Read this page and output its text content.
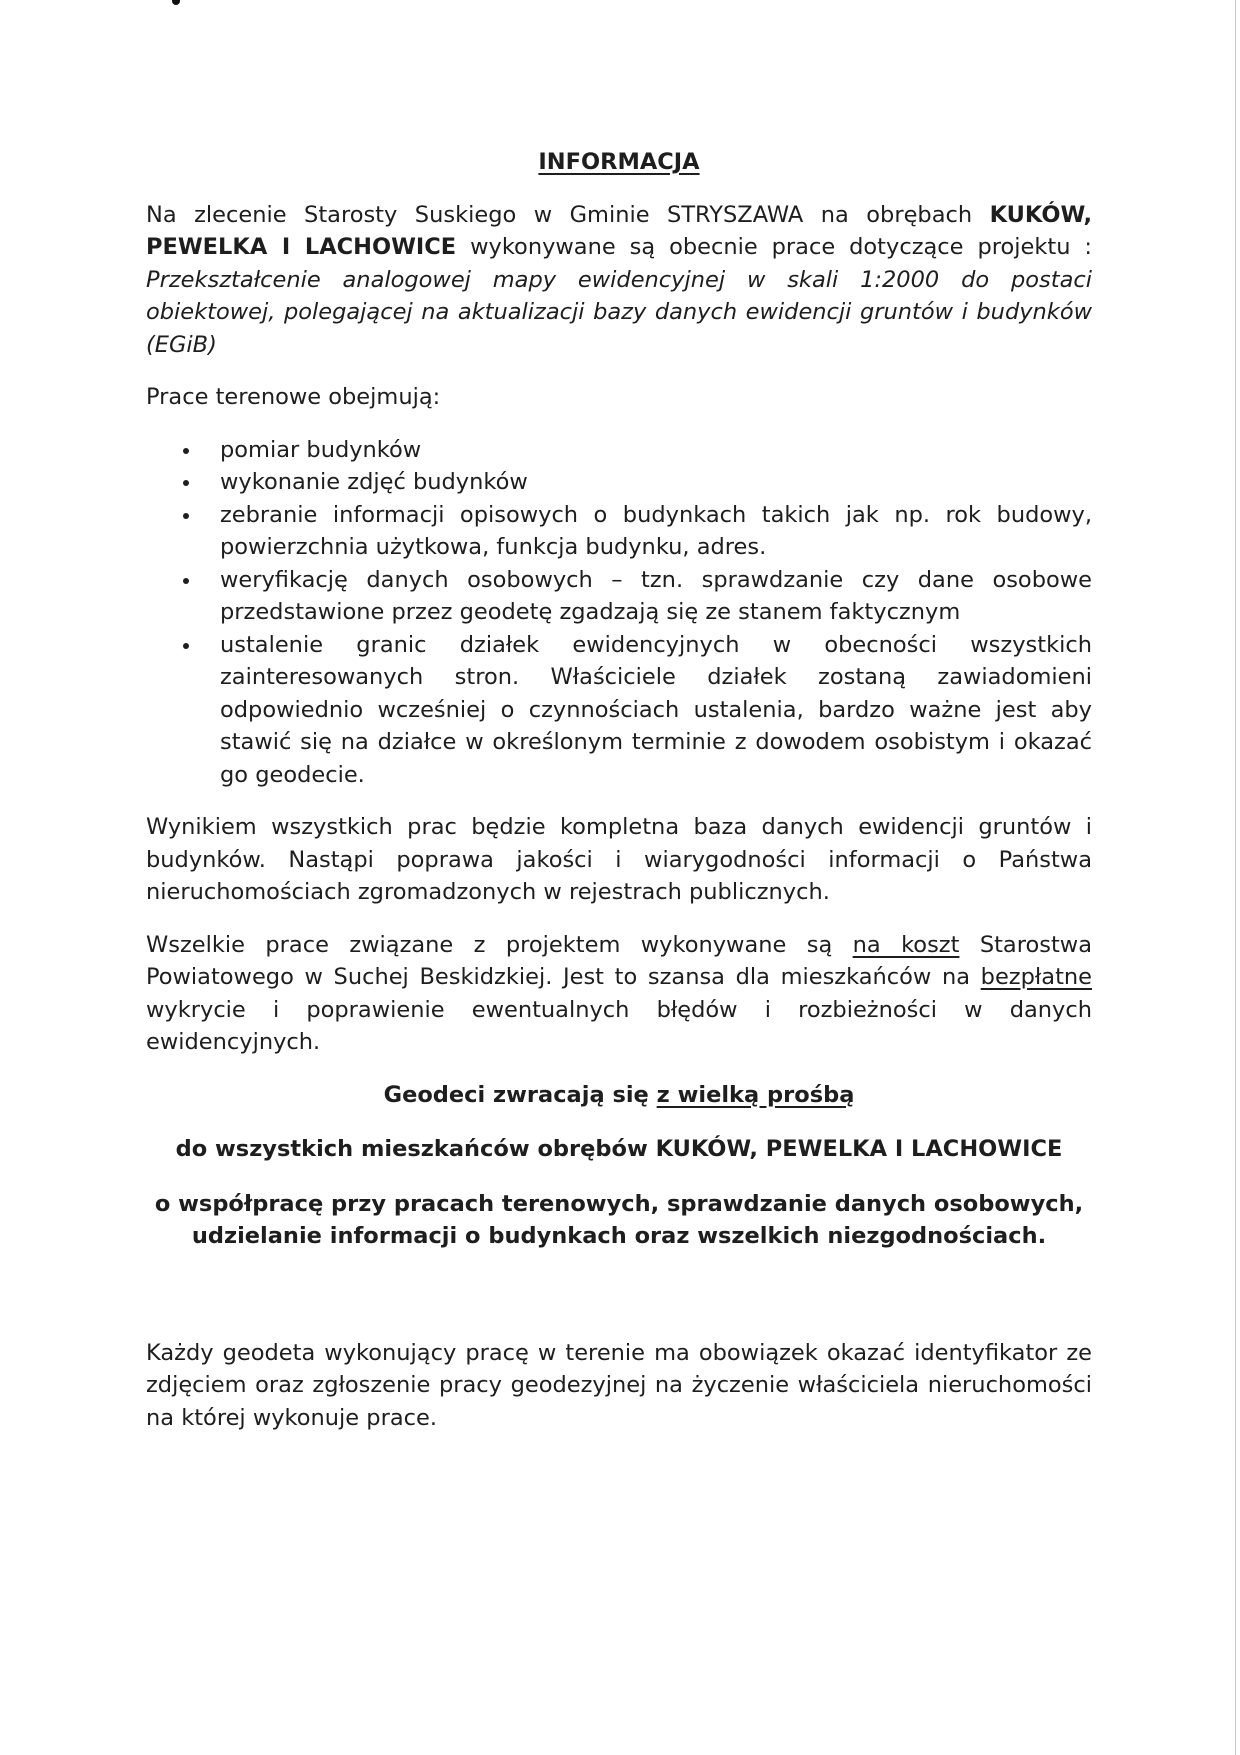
INFORMACJA

Na zlecenie Starosty Suskiego w Gminie STRYSZAWA na obrębach KUKÓW, PEWELKA I LACHOWICE wykonywane są obecnie prace dotyczące projektu : Przekształcenie analogowej mapy ewidencyjnej w skali 1:2000 do postaci obiektowej, polegającej na aktualizacji bazy danych ewidencji gruntów i budynków (EGiB)

Prace terenowe obejmują:

pomiar budynków
wykonanie zdjęć budynków
zebranie informacji opisowych o budynkach takich jak np. rok budowy, powierzchnia użytkowa, funkcja budynku, adres.
weryfikację danych osobowych – tzn. sprawdzanie czy dane osobowe przedstawione przez geodetę zgadzają się ze stanem faktycznym
ustalenie granic działek ewidencyjnych w obecności wszystkich zainteresowanych stron. Właściciele działek zostaną zawiadomieni odpowiednio wcześniej o czynnościach ustalenia, bardzo ważne jest aby stawić się na działce w określonym terminie z dowodem osobistym i okazać go geodecie.

Wynikiem wszystkich prac będzie kompletna baza danych ewidencji gruntów i budynków. Nastąpi poprawa jakości i wiarygodności informacji o Państwa nieruchomościach zgromadzonych w rejestrach publicznych.

Wszelkie prace związane z projektem wykonywane są na koszt Starostwa Powiatowego w Suchej Beskidzkiej. Jest to szansa dla mieszkańców na bezpłatne wykrycie i poprawienie ewentualnych błędów i rozbieżności w danych ewidencyjnych.

Geodeci zwracają się z wielką prośbą

do wszystkich mieszkańców obrębów KUKÓW, PEWELKA I LACHOWICE

o współpracę przy pracach terenowych, sprawdzanie danych osobowych, udzielanie informacji o budynkach oraz wszelkich niezgodnościach.

Każdy geodeta wykonujący pracę w terenie ma obowiązek okazać identyfikator ze zdjęciem oraz zgłoszenie pracy geodezyjnej na życzenie właściciela nieruchomości na której wykonuje prace.
